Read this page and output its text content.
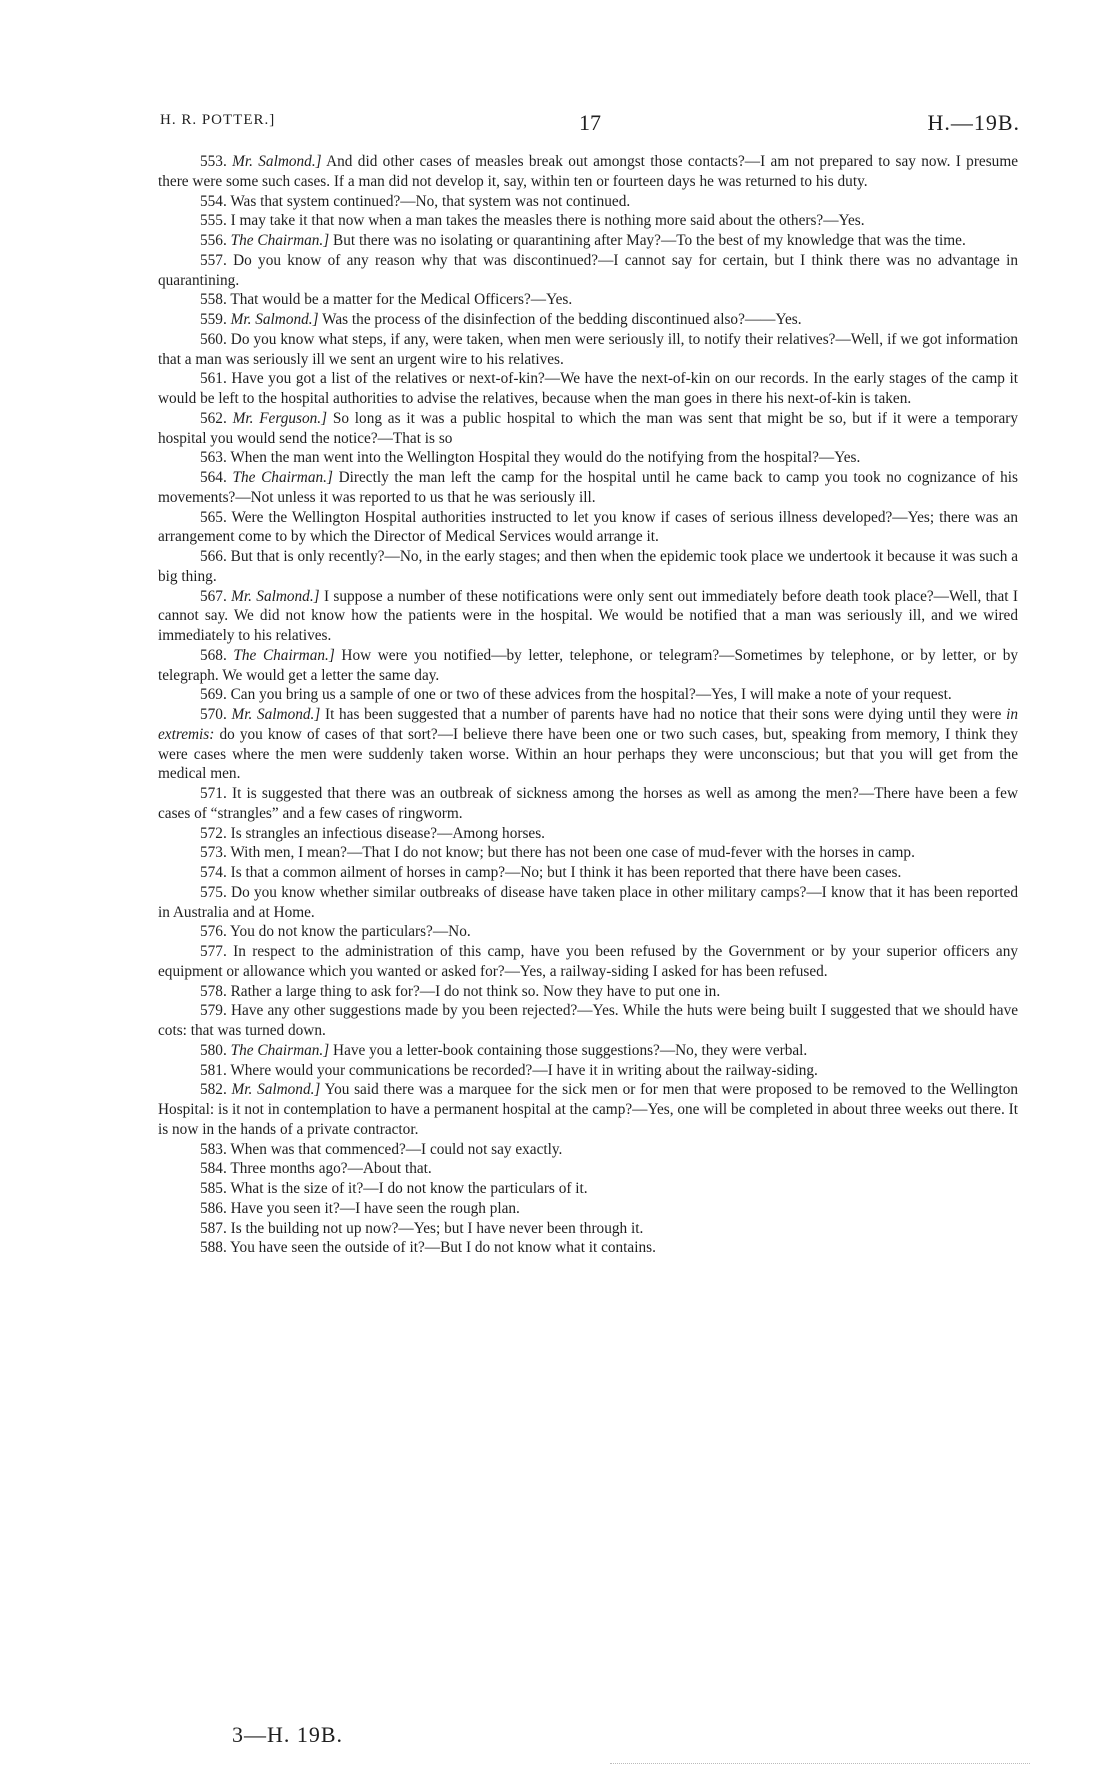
H. R. POTTER.]	17	H.—19B.

553. Mr. Salmond.] And did other cases of measles break out amongst those contacts?—I am not prepared to say now. I presume there were some such cases. If a man did not develop it, say, within ten or fourteen days he was returned to his duty.

554. Was that system continued?—No, that system was not continued.

555. I may take it that now when a man takes the measles there is nothing more said about the others?—Yes.

556. The Chairman.] But there was no isolating or quarantining after May?—To the best of my knowledge that was the time.

557. Do you know of any reason why that was discontinued?—I cannot say for certain, but I think there was no advantage in quarantining.

558. That would be a matter for the Medical Officers?—Yes.

559. Mr. Salmond.] Was the process of the disinfection of the bedding discontinued also?——Yes.

560. Do you know what steps, if any, were taken, when men were seriously ill, to notify their relatives?—Well, if we got information that a man was seriously ill we sent an urgent wire to his relatives.

561. Have you got a list of the relatives or next-of-kin?—We have the next-of-kin on our records. In the early stages of the camp it would be left to the hospital authorities to advise the relatives, because when the man goes in there his next-of-kin is taken.

562. Mr. Ferguson.] So long as it was a public hospital to which the man was sent that might be so, but if it were a temporary hospital you would send the notice?—That is so

563. When the man went into the Wellington Hospital they would do the notifying from the hospital?—Yes.

564. The Chairman.] Directly the man left the camp for the hospital until he came back to camp you took no cognizance of his movements?—Not unless it was reported to us that he was seriously ill.

565. Were the Wellington Hospital authorities instructed to let you know if cases of serious illness developed?—Yes; there was an arrangement come to by which the Director of Medical Services would arrange it.

566. But that is only recently?—No, in the early stages; and then when the epidemic took place we undertook it because it was such a big thing.

567. Mr. Salmond.] I suppose a number of these notifications were only sent out immediately before death took place?—Well, that I cannot say. We did not know how the patients were in the hospital. We would be notified that a man was seriously ill, and we wired immediately to his relatives.

568. The Chairman.] How were you notified—by letter, telephone, or telegram?—Sometimes by telephone, or by letter, or by telegraph. We would get a letter the same day.

569. Can you bring us a sample of one or two of these advices from the hospital?—Yes, I will make a note of your request.

570. Mr. Salmond.] It has been suggested that a number of parents have had no notice that their sons were dying until they were in extremis: do you know of cases of that sort?—I believe there have been one or two such cases, but, speaking from memory, I think they were cases where the men were suddenly taken worse. Within an hour perhaps they were unconscious; but that you will get from the medical men.

571. It is suggested that there was an outbreak of sickness among the horses as well as among the men?—There have been a few cases of “strangles” and a few cases of ringworm.

572. Is strangles an infectious disease?—Among horses.

573. With men, I mean?—That I do not know; but there has not been one case of mud-fever with the horses in camp.

574. Is that a common ailment of horses in camp?—No; but I think it has been reported that there have been cases.

575. Do you know whether similar outbreaks of disease have taken place in other military camps?—I know that it has been reported in Australia and at Home.

576. You do not know the particulars?—No.

577. In respect to the administration of this camp, have you been refused by the Government or by your superior officers any equipment or allowance which you wanted or asked for?—Yes, a railway-siding I asked for has been refused.

578. Rather a large thing to ask for?—I do not think so. Now they have to put one in.

579. Have any other suggestions made by you been rejected?—Yes. While the huts were being built I suggested that we should have cots: that was turned down.

580. The Chairman.] Have you a letter-book containing those suggestions?—No, they were verbal.

581. Where would your communications be recorded?—I have it in writing about the railway-siding.

582. Mr. Salmond.] You said there was a marquee for the sick men or for men that were proposed to be removed to the Wellington Hospital: is it not in contemplation to have a permanent hospital at the camp?—Yes, one will be completed in about three weeks out there. It is now in the hands of a private contractor.

583. When was that commenced?—I could not say exactly.

584. Three months ago?—About that.

585. What is the size of it?—I do not know the particulars of it.

586. Have you seen it?—I have seen the rough plan.

587. Is the building not up now?—Yes; but I have never been through it.

588. You have seen the outside of it?—But I do not know what it contains.

3—H. 19B.
